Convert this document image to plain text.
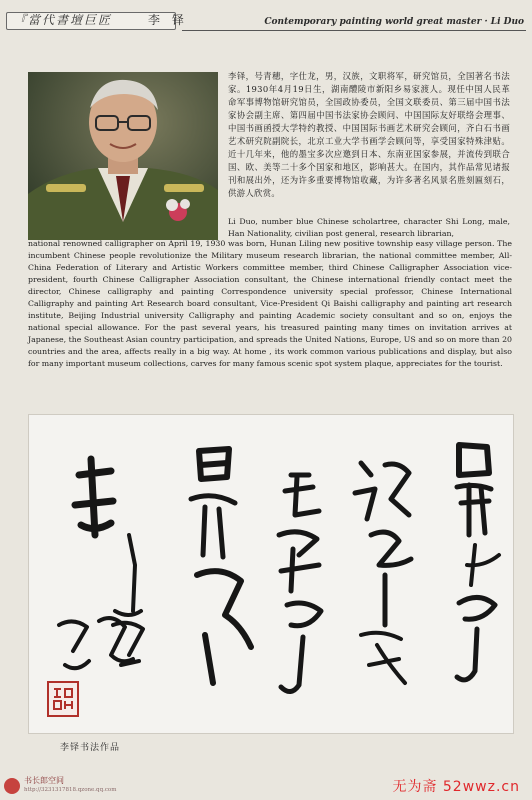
『當代書壇巨匠	李 铎	Contemporary painting world great master · Li Duo
李铎，号青穗，字仕龙，男，汉族，文职将军，研究馆员，全国著名书法家。1930年4月19日生，湖南醴陵市新阳乡易家渡人。现任中国人民革命军事博物馆研究馆员，全国政协委员，全国文联委员、第三届中国书法家协会副主席、第四届中国书法家协会顾问、中国国际友好联络会理事、中国书画函授大学特约教授、中国国际书画艺术研究会顾问，齐白石书画艺术研究院副院长，北京工业大学书画学会顾问等，享受国家特殊津贴。近十几年来，他的墨宝多次应邀到日本、东南亚国家参展，并流传到联合国、欧、美等二十多个国家和地区，影响甚大。在国内，其作品常见诸报刊和展出外，还为许多重要博物馆收藏，为许多著名风景名胜刻匾刻石，供游人欣赏。

Li Duo, number blue Chinese scholartree, character Shi Long, male, Han Nationality, civilian post general, research librarian,

national renowned calligrapher on April 19, 1930 was born, Hunan Liling new positive township easy village person. The incumbent Chinese people revolutionize the Military museum research librarian, the national committee member, All-China Federation of Literary and Artistic Workers committee member, third Chinese Calligrapher Association vice-president, fourth Chinese Calligrapher Association consultant, the Chinese international friendly contact meet the director, Chinese calligraphy and painting Correspondence university special professor, Chinese International Calligraphy and painting Art Research board consultant, Vice-President Qi Baishi calligraphy and painting art research institute, Beijing Industrial university Calligraphy and painting Academic society consultant and so on, enjoys the national special allowance. For the past several years, his treasured painting many times on invitation arrives at Japanese, the Southeast Asian country participation, and spreads the United Nations, Europe, US and so on more than 20 countries and the area, affects really in a big way. At home , its work common various publications and display, but also for many important museum collections, carves for many famous scenic spot system plaque, appreciates for the tourist.

李铎书法作品
书长郎空间
http://3231317818.qzone.qq.com	无为斋 52wwz.cn
